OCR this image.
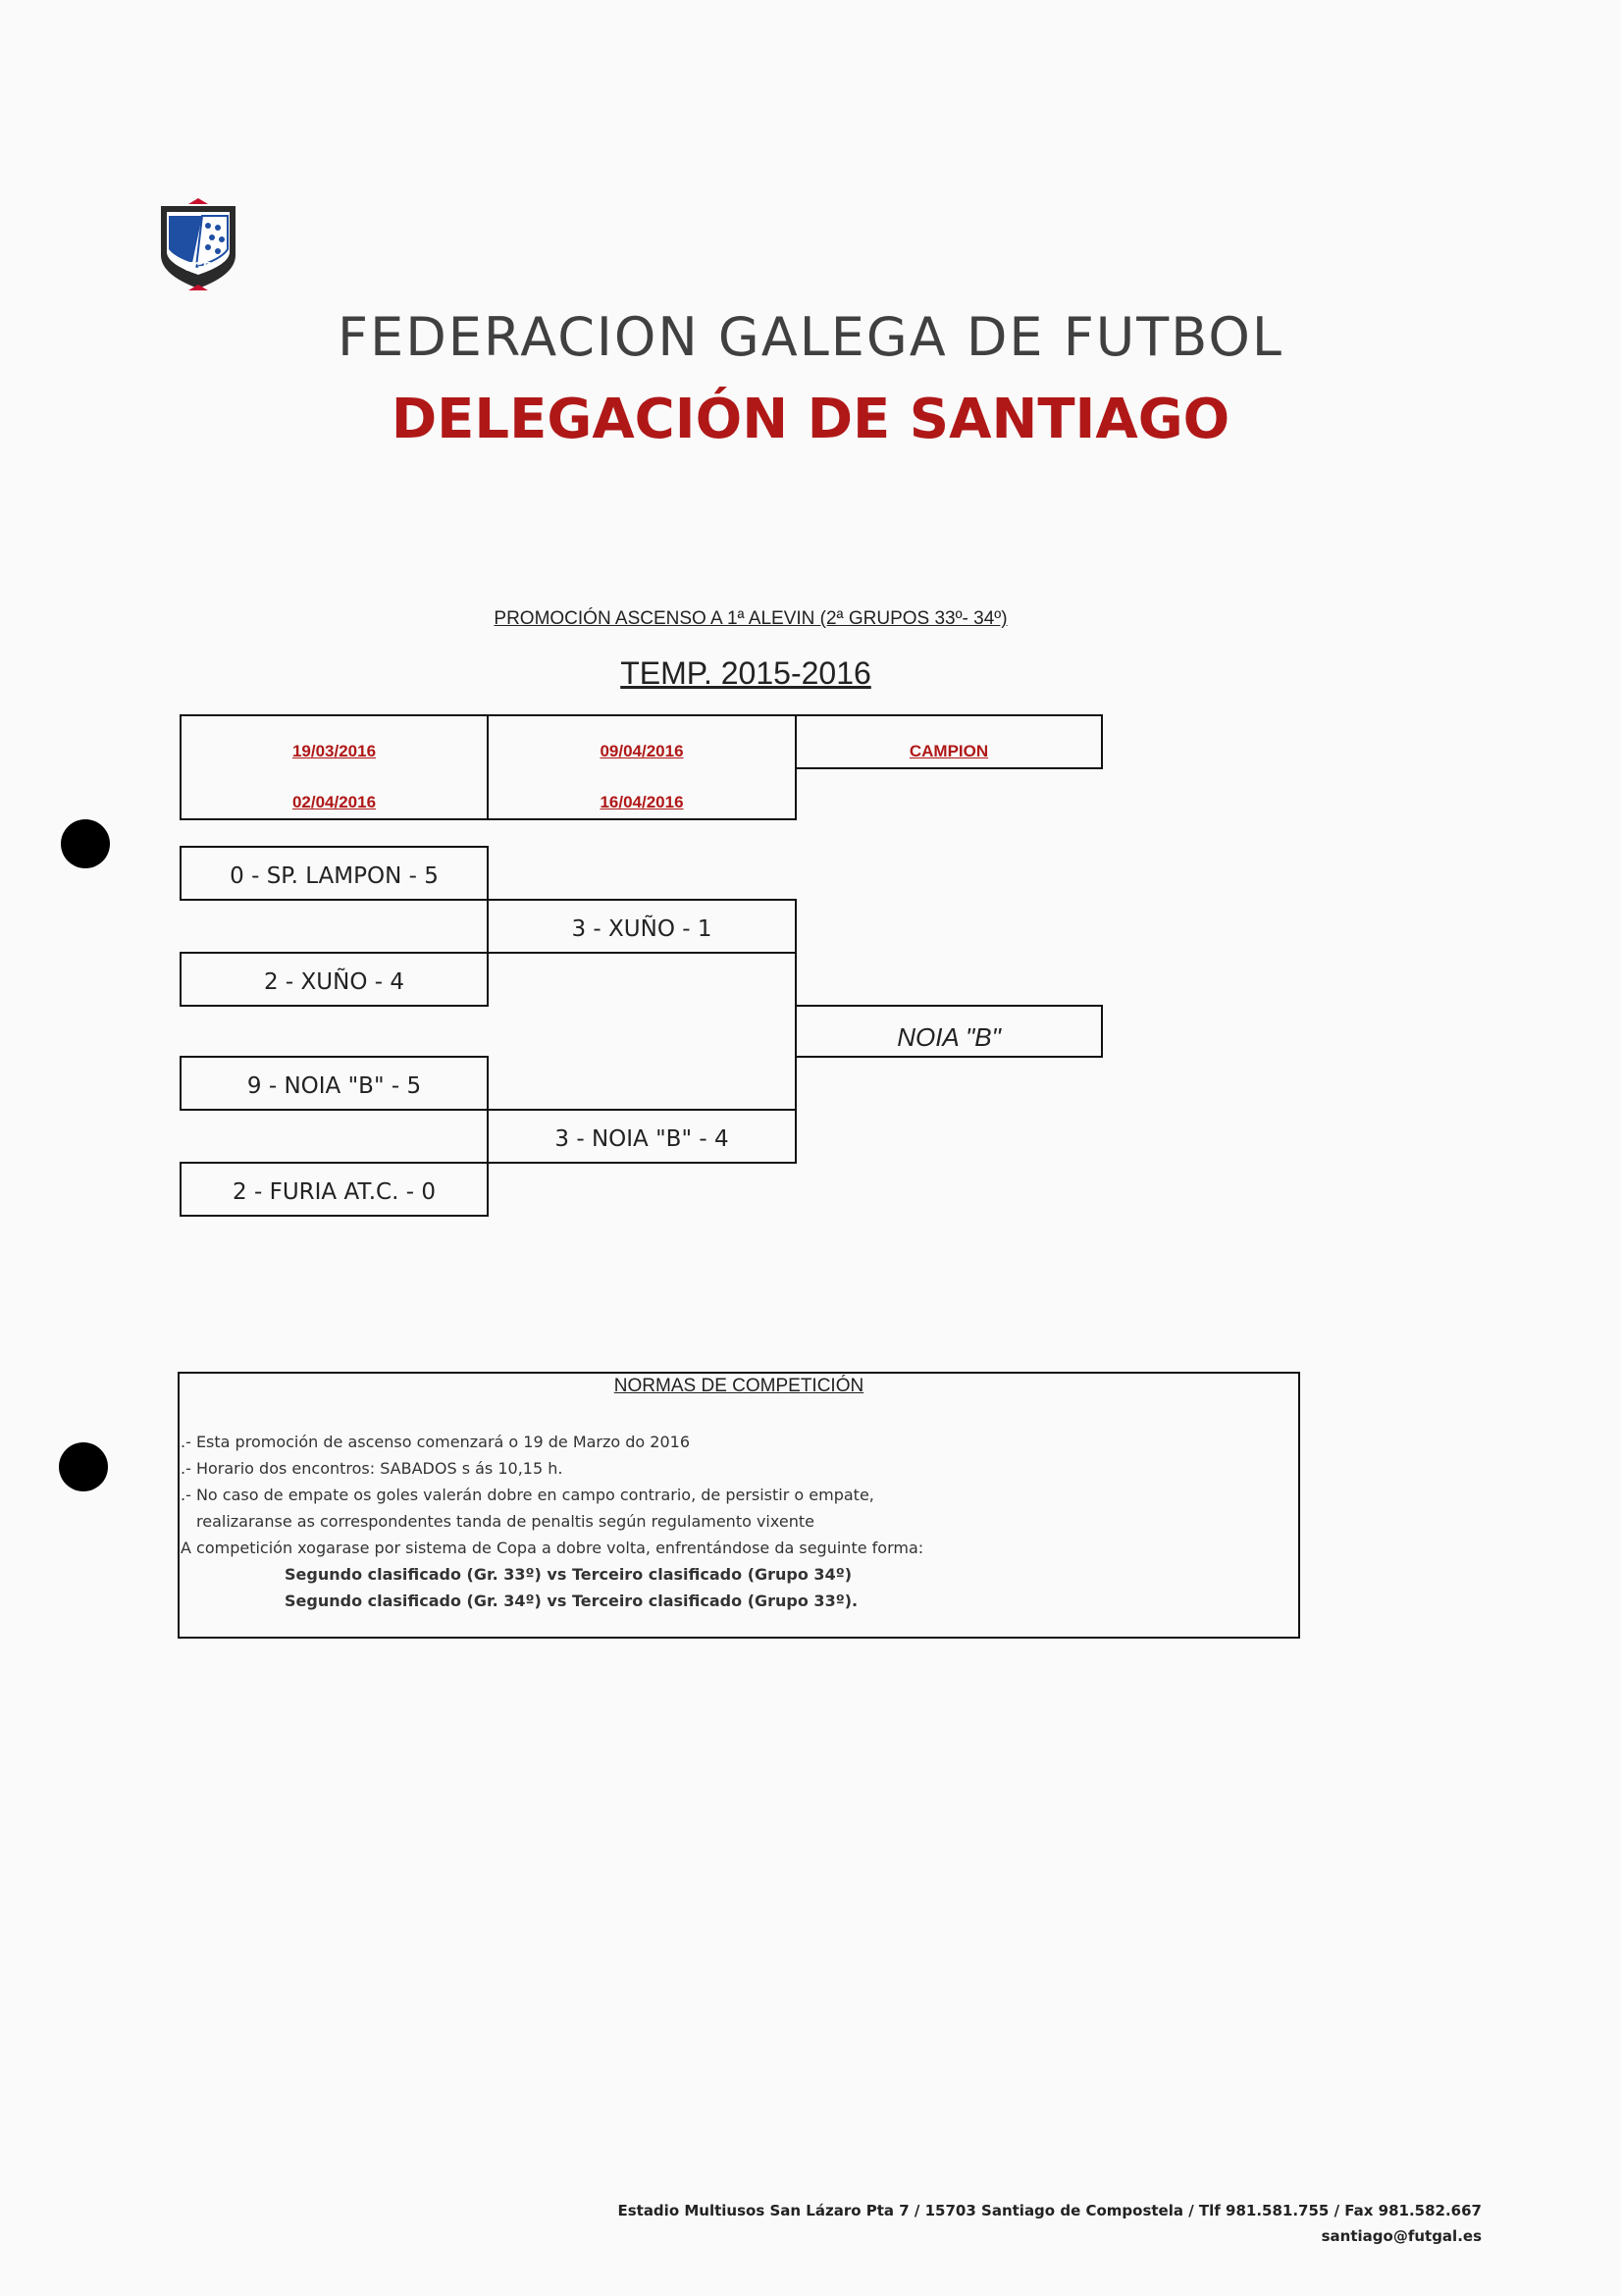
FGF
FEDERACION GALEGA DE FUTBOL
DELEGACIÓN DE SANTIAGO
PROMOCIÓN ASCENSO A 1ª ALEVIN (2ª GRUPOS 33º- 34º)
TEMP. 2015-2016
19/03/2016
02/04/2016
09/04/2016
16/04/2016
CAMPION
0 - SP. LAMPON - 5
2 - XUÑO - 4
9 - NOIA "B" - 5
2 - FURIA AT.C. - 0
3 - XUÑO - 1
3 - NOIA "B" - 4
NOIA "B"
NORMAS DE COMPETICIÓN
.- Esta promoción de ascenso comenzará o 19 de Marzo do 2016
.- Horario dos encontros: SABADOS s ás 10,15 h.
.- No caso de empate os goles valerán dobre en campo contrario, de persistir o empate,
realizaranse as correspondentes tanda de penaltis según regulamento vixente
A competición xogarase por sistema de Copa a dobre volta, enfrentándose da seguinte forma:
Segundo clasificado (Gr. 33º) vs Terceiro clasificado (Grupo 34º)
Segundo clasificado (Gr. 34º) vs Terceiro clasificado (Grupo 33º).
Estadio Multiusos San Lázaro Pta 7 / 15703 Santiago de Compostela / Tlf 981.581.755 / Fax 981.582.667
santiago@futgal.es
